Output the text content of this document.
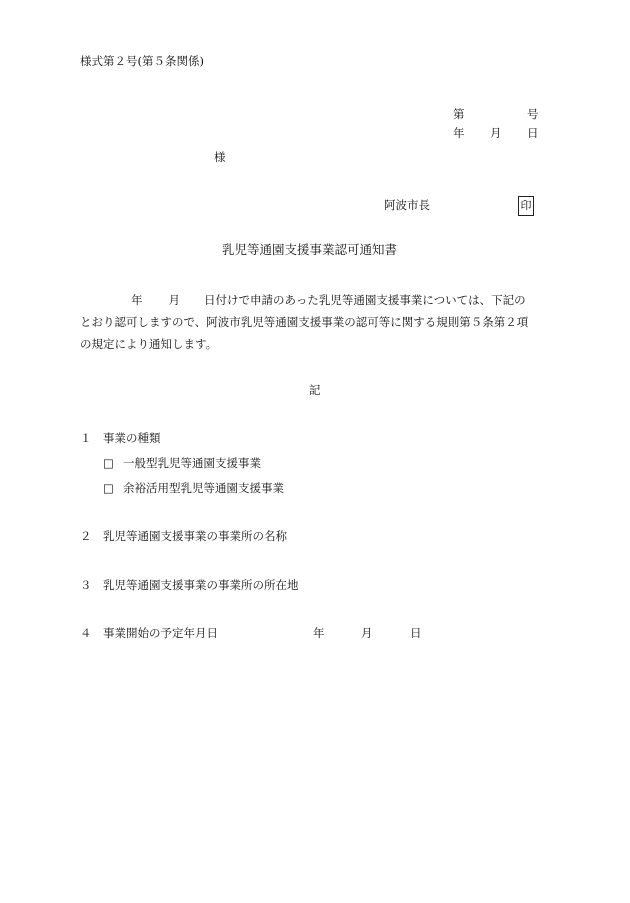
様式第２号(第５条関係)
第	号
年 月 日
様
阿波市長	印
乳児等通園支援事業認可通知書
年 月 日付けで申請のあった乳児等通園支援事業については、下記の
とおり認可しますので、阿波市乳児等通園支援事業の認可等に関する規則第５条第２項
の規定により通知します。
記
１ 事業の種類
□ 一般型乳児等通園支援事業
□ 余裕活用型乳児等通園支援事業
２ 乳児等通園支援事業の事業所の名称
３ 乳児等通園支援事業の事業所の所在地
４ 事業開始の予定年月日	年	月	日
